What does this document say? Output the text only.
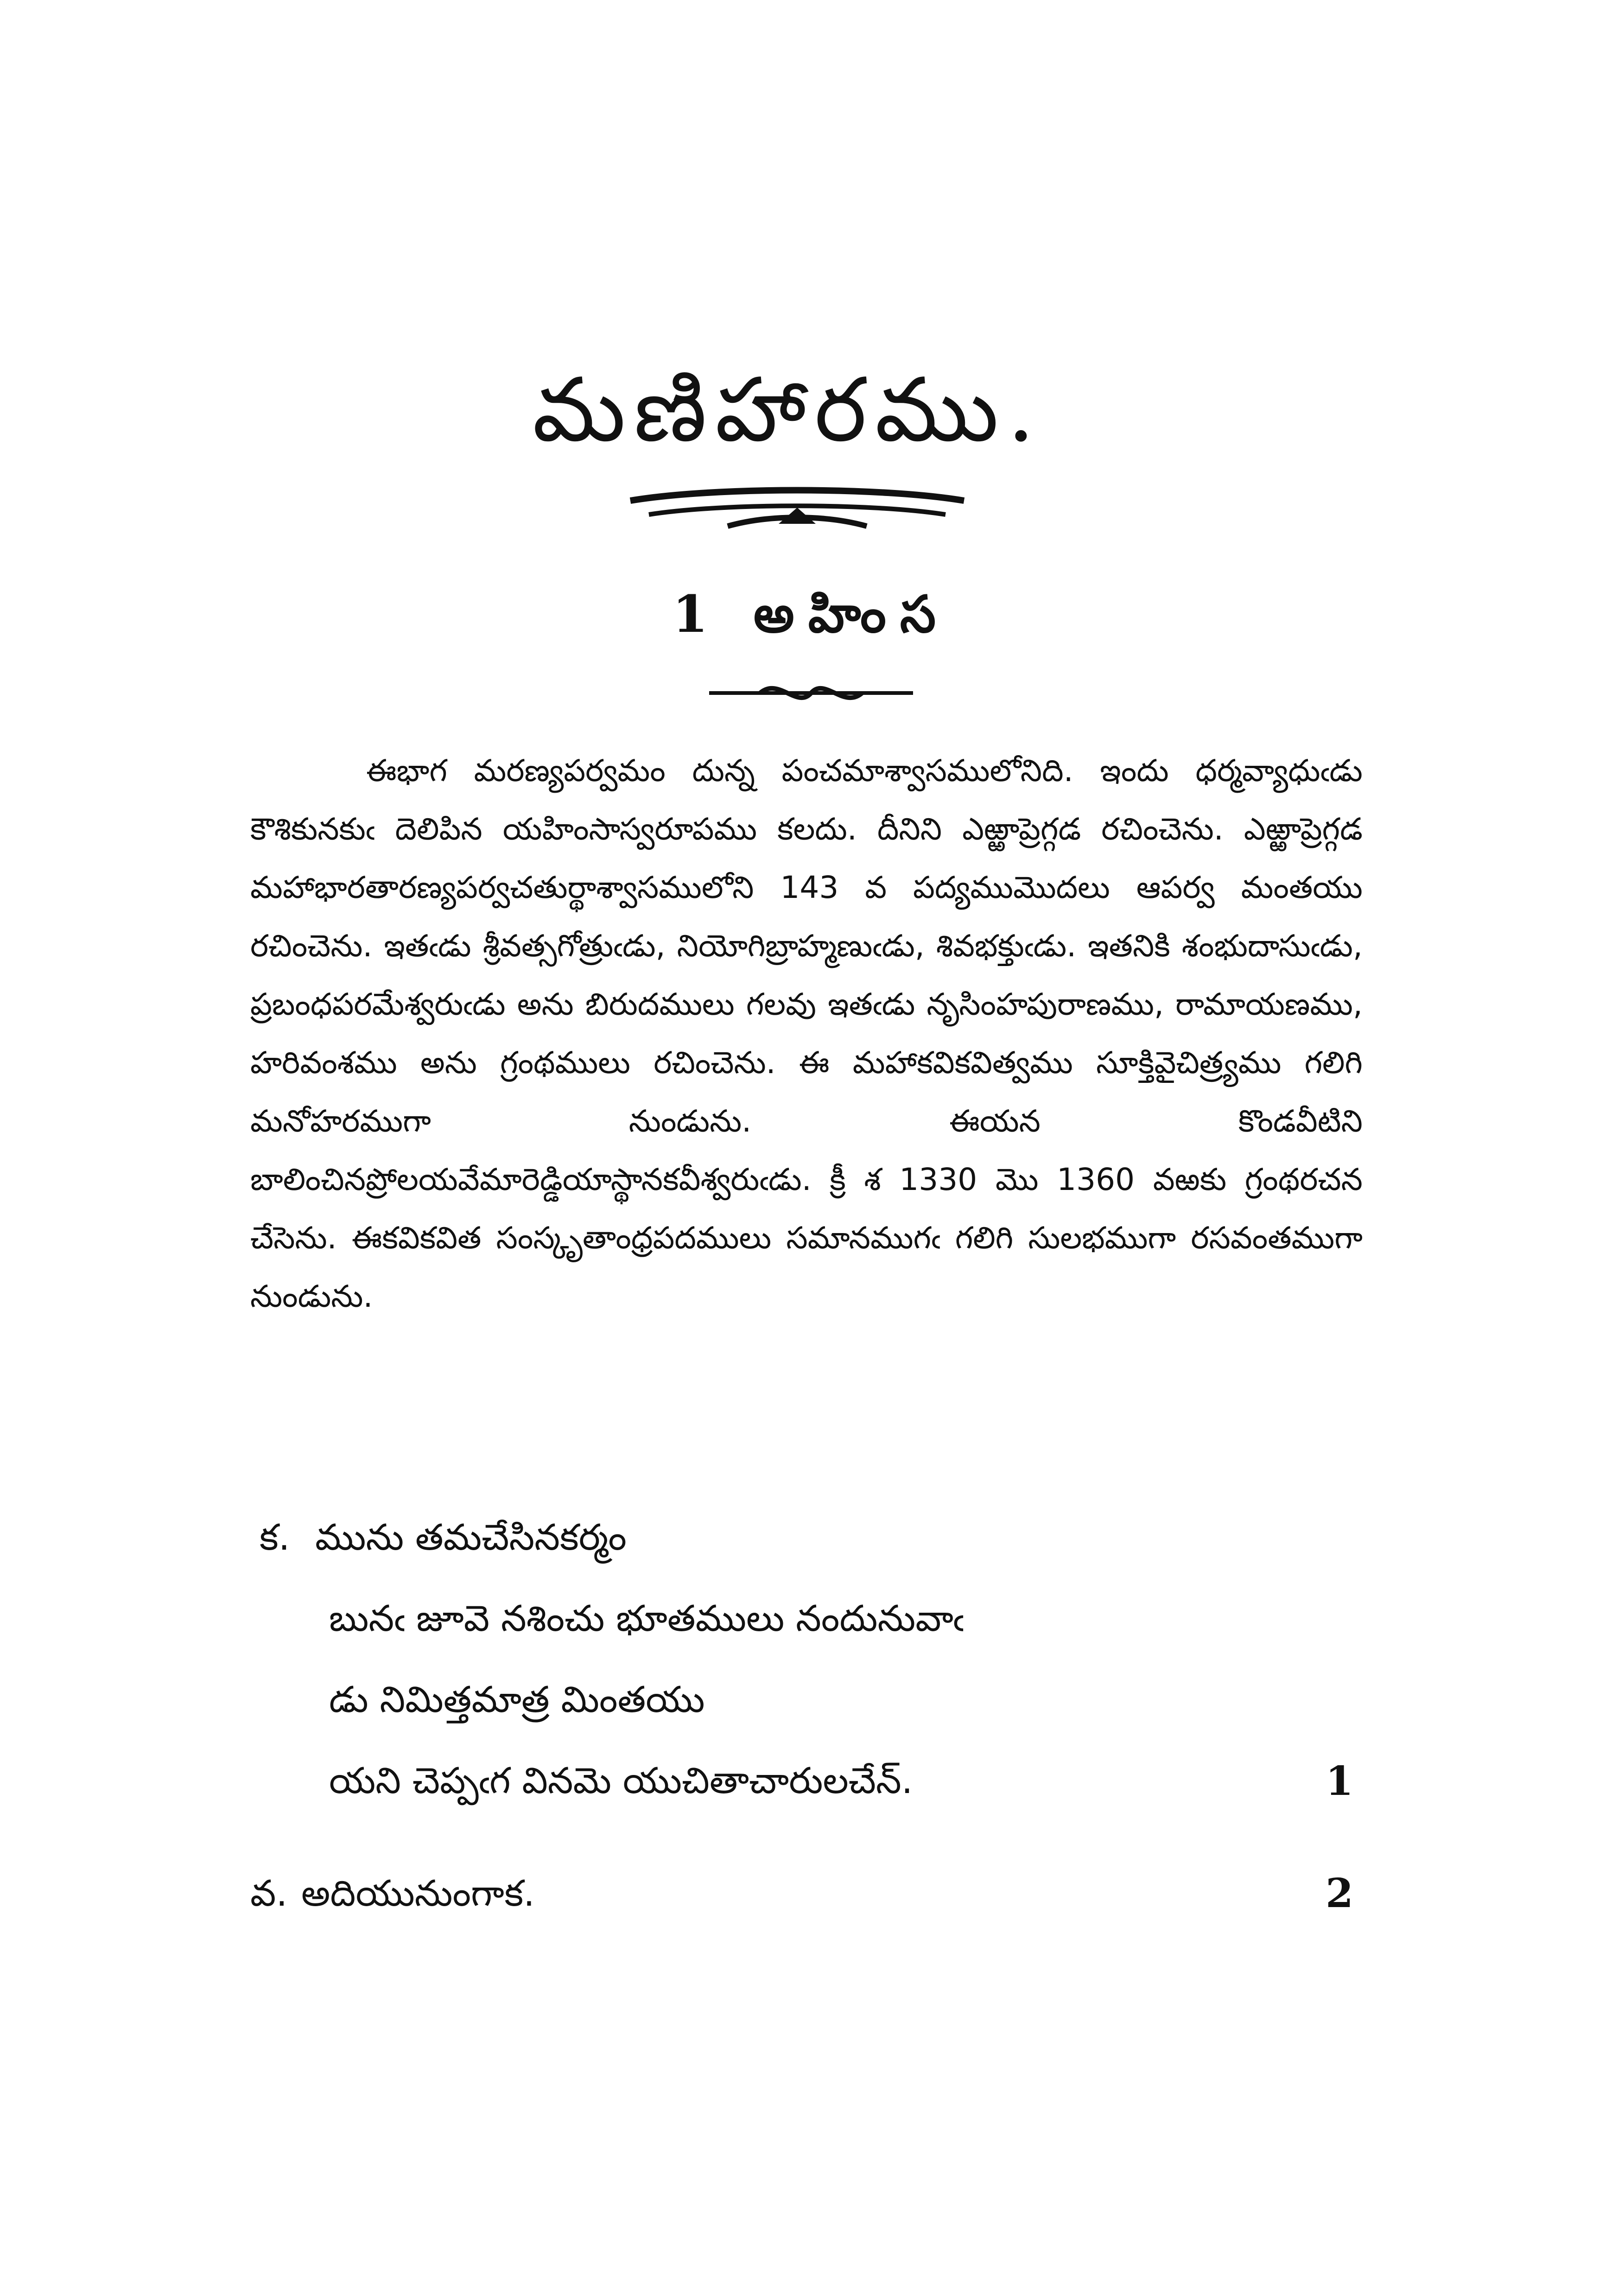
మణిహారము.
1 అహింస

ఈభాగ మరణ్యపర్వమం దున్న పంచమాశ్వాసములోనిది. ఇందు ధర్మవ్యాధుఁడు కౌశికునకుఁ దెలిపిన యహింసాస్వరూపము కలదు. దీనిని ఎఱ్ఱాప్రెగ్గడ రచించెను. ఎఱ్ఱాప్రెగ్గడ మహాభారతారణ్యపర్వచతుర్థాశ్వాసములోని 143 వ పద్యముమొదలు ఆపర్వ మంతయు రచించెను. ఇతఁడు శ్రీవత్సగోత్రుఁడు, నియోగిబ్రాహ్మణుఁడు, శివభక్తుఁడు. ఇతనికి శంభుదాసుఁడు, ప్రబంధపరమేశ్వరుఁడు అను బిరుదములు గలవు ఇతఁడు నృసింహపురాణము, రామాయణము, హరివంశము అను గ్రంథములు రచించెను. ఈ మహాకవికవిత్వము సూక్తివైచిత్ర్యము గలిగి మనోహరముగా నుండును. ఈయన కొండవీటిని బాలించినప్రోలయవేమారెడ్డియాస్థానకవీశ్వరుఁడు. క్రీ శ 1330 మొ 1360 వఱకు గ్రంథరచన చేసెను. ఈకవికవిత సంస్కృతాంధ్రపదములు సమానముగఁ గలిగి సులభముగా రసవంతముగా నుండును.

క. మును తమచేసినకర్మం
బునఁ జూవె నశించు భూతములు నందునువాఁ
డు నిమిత్తమాత్ర మింతయు
యని చెప్పఁగ వినమె యుచితాచారులచేన్.	1
వ. అదియునుంగాక.	2
